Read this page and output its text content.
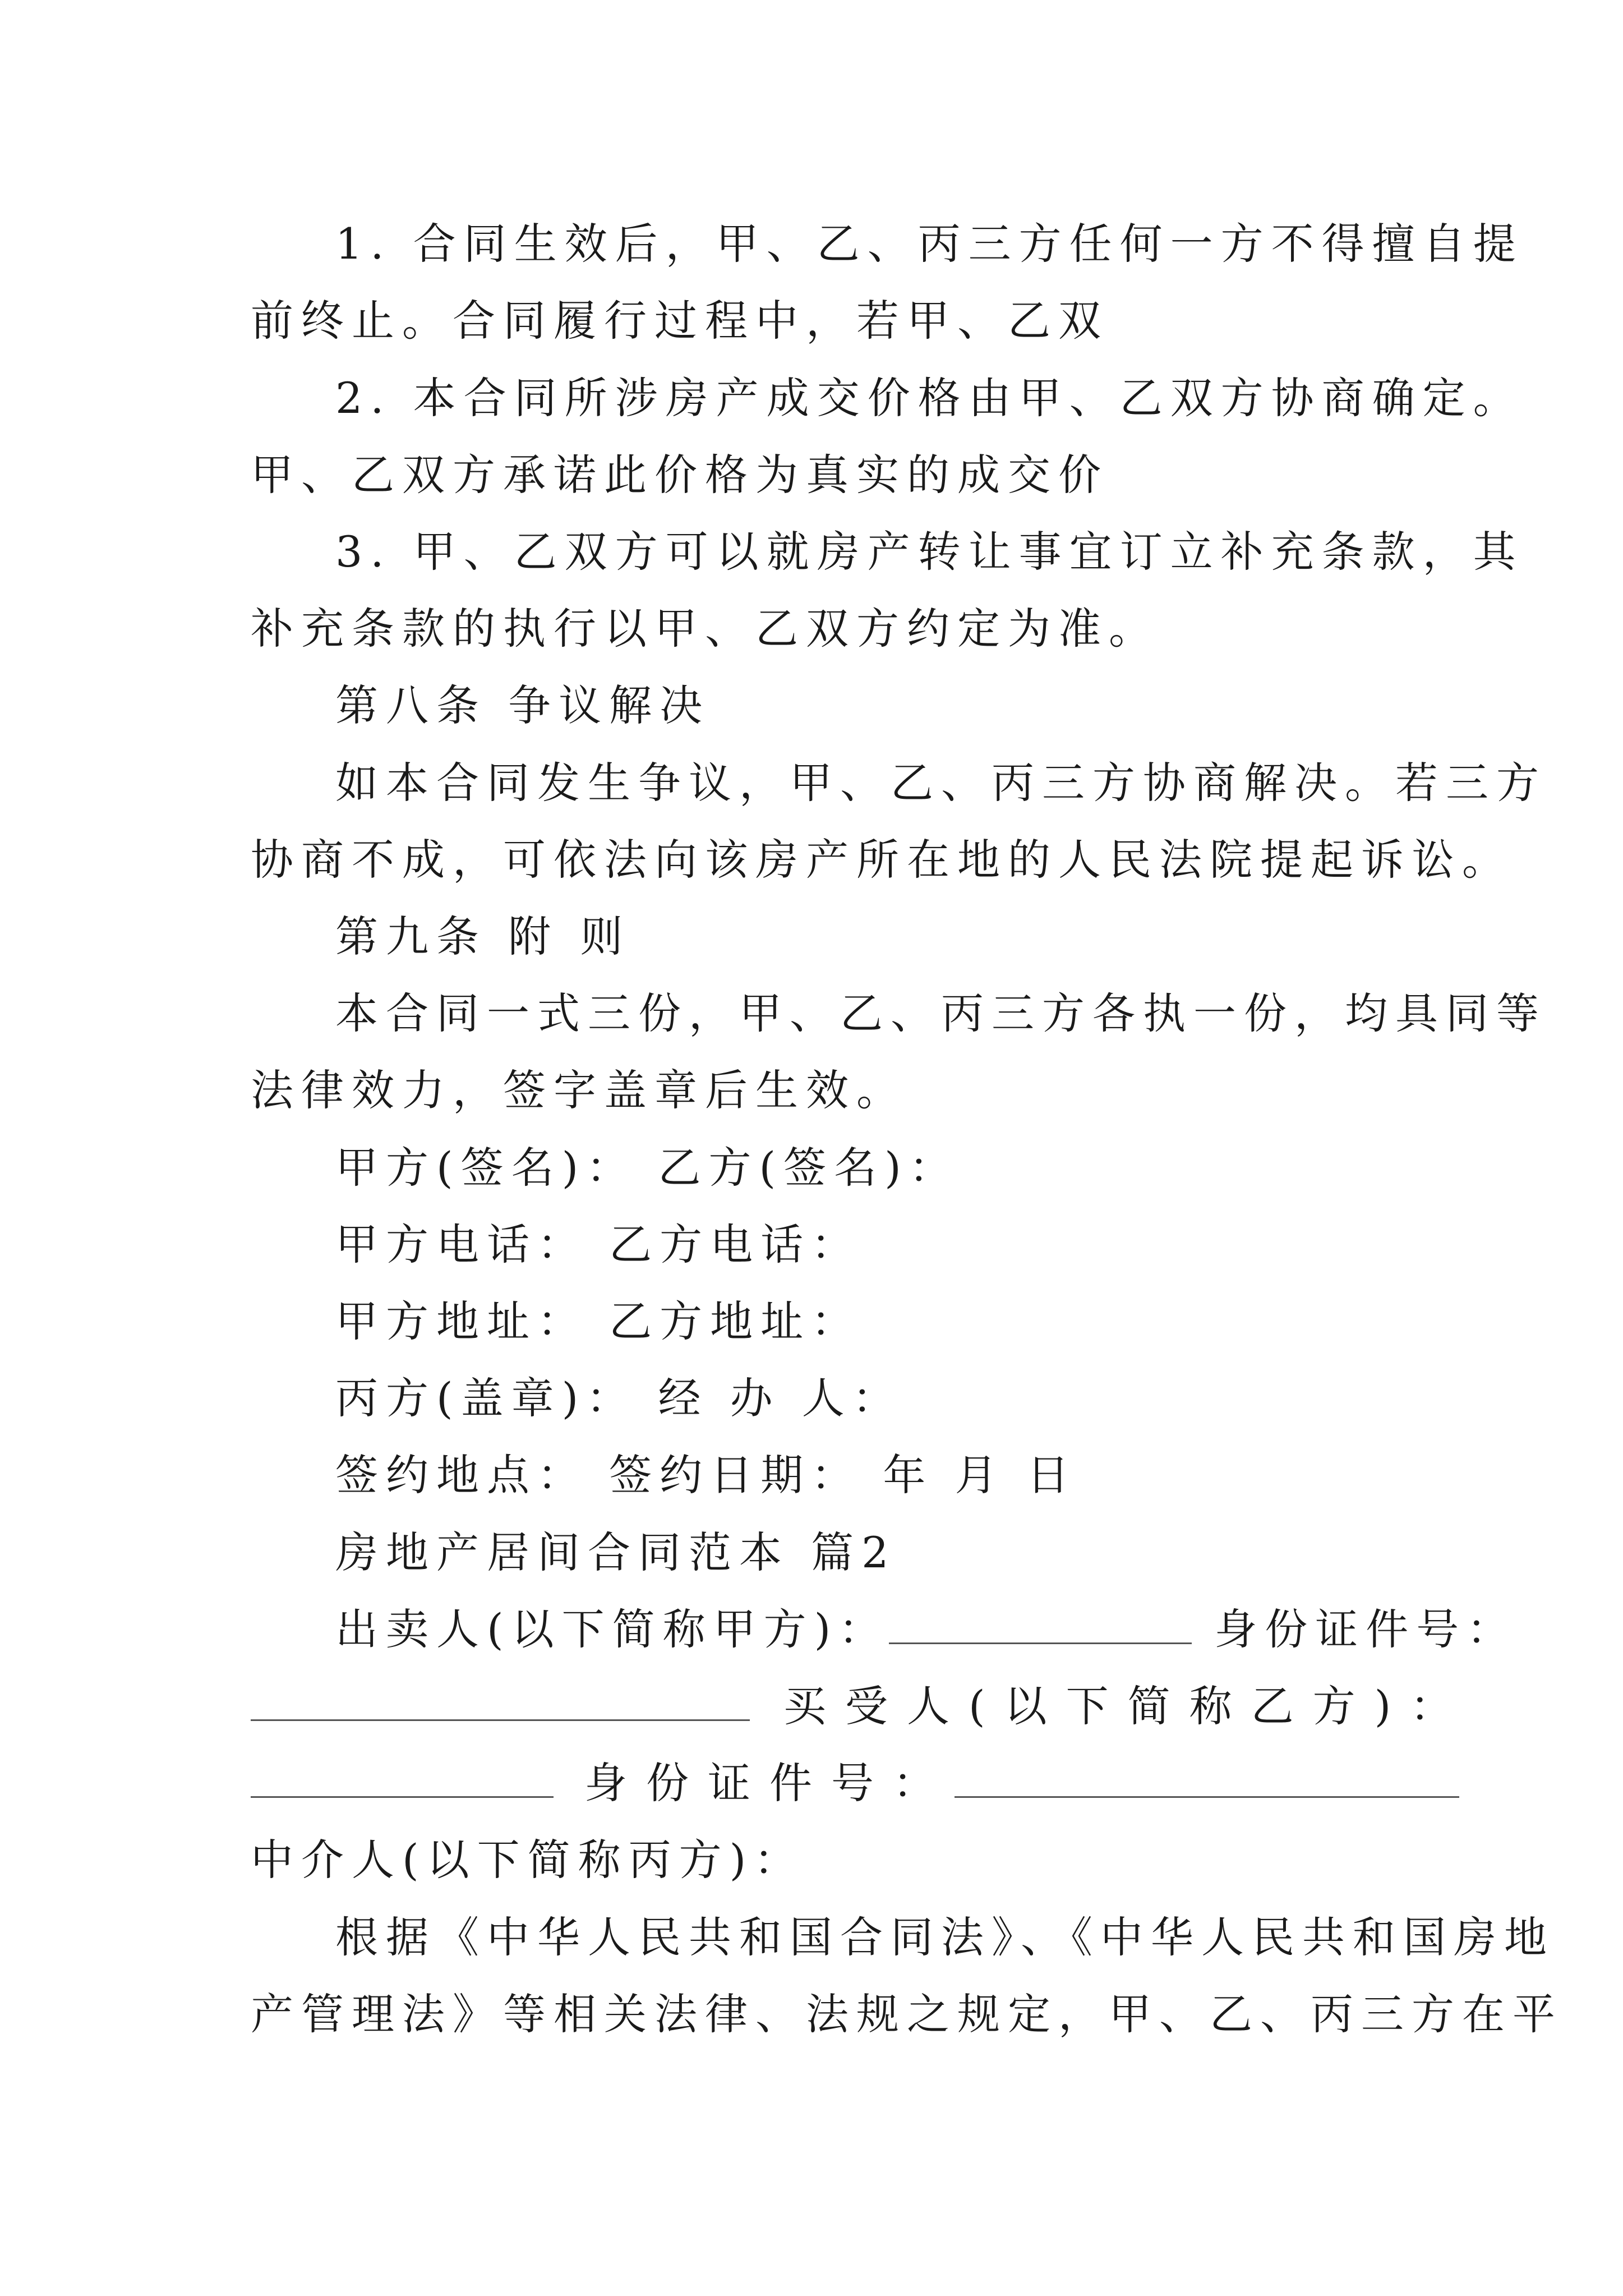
1. 合同生效后，甲、乙、丙三方任何一方不得擅自提
前终止。合同履行过程中，若甲、乙双
2. 本合同所涉房产成交价格由甲、乙双方协商确定。
甲、乙双方承诺此价格为真实的成交价
3. 甲、乙双方可以就房产转让事宜订立补充条款，其
补充条款的执行以甲、乙双方约定为准。
第八条 争议解决
如本合同发生争议，甲、乙、丙三方协商解决。若三方
协商不成，可依法向该房产所在地的人民法院提起诉讼。
第九条 附 则
本合同一式三份，甲、乙、丙三方各执一份，均具同等
法律效力，签字盖章后生效。
甲方(签名)： 乙方(签名)：
甲方电话： 乙方电话：
甲方地址： 乙方地址：
丙方(盖章)： 经 办 人：
签约地点： 签约日期： 年 月 日
房地产居间合同范本 篇2
出卖人(以下简称甲方)：	身份证件号：
买受人(以下简称乙方)：
身份证件号：
中介人(以下简称丙方)：
根据《中华人民共和国合同法》、《中华人民共和国房地
产管理法》等相关法律、法规之规定，甲、乙、丙三方在平
